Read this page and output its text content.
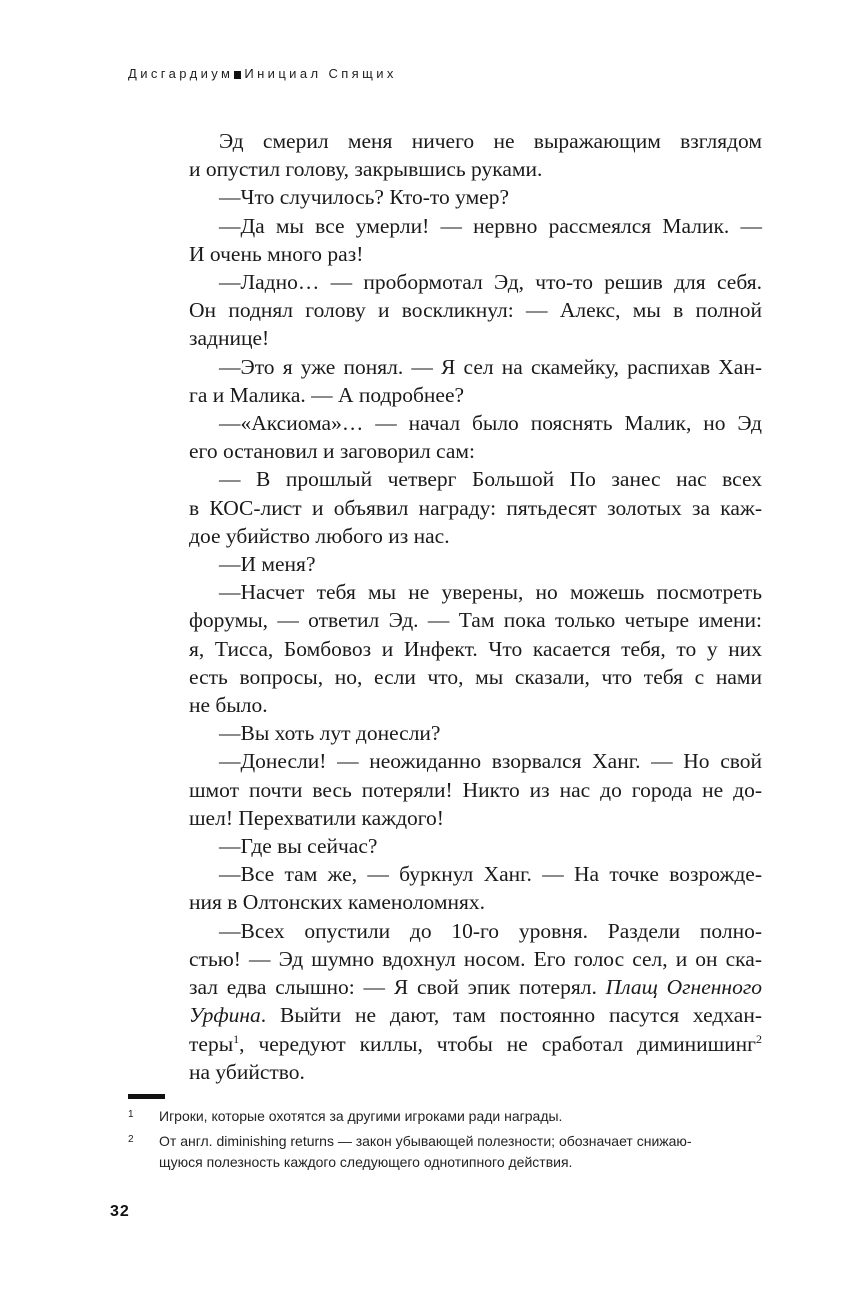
Дисгардиум Инициал Спящих

Эд смерил меня ничего не выражающим взглядом

и опустил голову, закрывшись руками.

—Что случилось? Кто-то умер?

—Да мы все умерли! — нервно рассмеялся Малик. —

И очень много раз!

—Ладно… — пробормотал Эд, что-то решив для себя.

Он поднял голову и воскликнул: — Алекс, мы в полной

заднице!

—Это я уже понял. — Я сел на скамейку, распихав Хан-

га и Малика. — А подробнее?

—«Аксиома»… — начал было пояснять Малик, но Эд

его остановил и заговорил сам:

— В прошлый четверг Большой По занес нас всех

в КОС-лист и объявил награду: пятьдесят золотых за каж-

дое убийство любого из нас.

—И меня?

—Насчет тебя мы не уверены, но можешь посмотреть

форумы, — ответил Эд. — Там пока только четыре имени:

я, Тисса, Бомбовоз и Инфект. Что касается тебя, то у них

есть вопросы, но, если что, мы сказали, что тебя с нами

не было.

—Вы хоть лут донесли?

—Донесли! — неожиданно взорвался Ханг. — Но свой

шмот почти весь потеряли! Никто из нас до города не до-

шел! Перехватили каждого!

—Где вы сейчас?

—Все там же, — буркнул Ханг. — На точке возрожде-

ния в Олтонских каменоломнях.

—Всех опустили до 10-го уровня. Раздели полно-

стью! — Эд шумно вдохнул носом. Его голос сел, и он ска-

зал едва слышно: — Я свой эпик потерял. Плащ Огненного

Урфина. Выйти не дают, там постоянно пасутся хедхан-

теры$^1$, чередуют киллы, чтобы не сработал диминишинг$^2$

на убийство.

1 Игроки, которые охотятся за другими игроками ради награды.
2 От англ. diminishing returns — закон убывающей полезности; обозначает снижаю-
щуюся полезность каждого следующего однотипного действия.
32
